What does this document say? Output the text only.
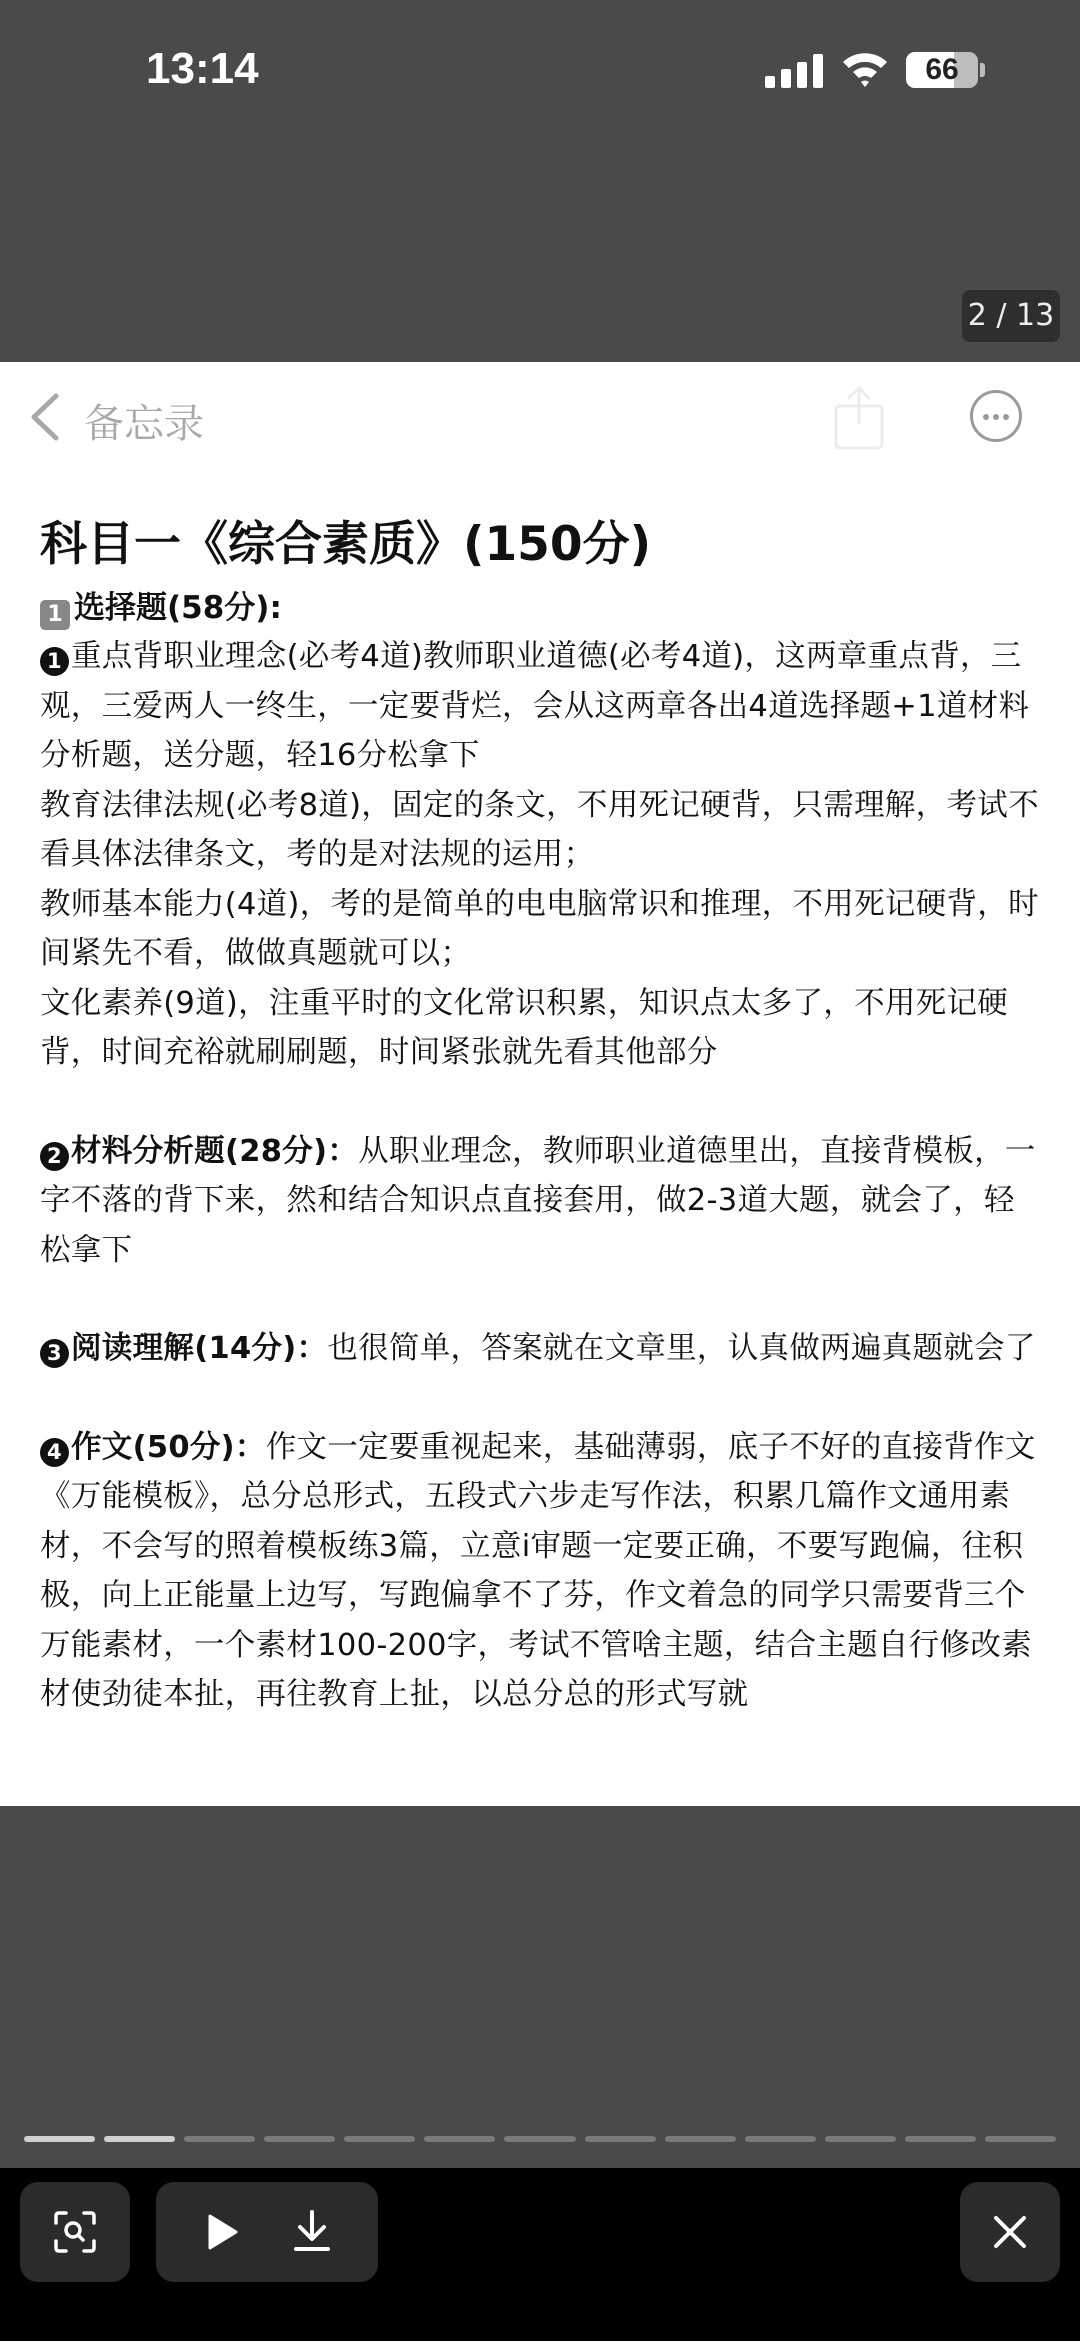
13:14	66
2 / 13
备忘录
科目一《综合素质》(150分)
1 选择题(58分):

1 重点背职业理念(必考4道)教师职业道德(必考4道)，这两章重点背，三观，三爱两人一终生，一定要背烂，会从这两章各出4道选择题+1道材料分析题，送分题，轻16分松拿下

教育法律法规(必考8道)，固定的条文，不用死记硬背，只需理解，考试不看具体法律条文，考的是对法规的运用；

教师基本能力(4道)，考的是简单的电电脑常识和推理，不用死记硬背，时间紧先不看，做做真题就可以；

文化素养(9道)，注重平时的文化常识积累，知识点太多了，不用死记硬背，时间充裕就刷刷题，时间紧张就先看其他部分

2 材料分析题(28分)：从职业理念，教师职业道德里出，直接背模板，一字不落的背下来，然和结合知识点直接套用，做2-3道大题，就会了，轻松拿下

3 阅读理解(14分)：也很简单，答案就在文章里，认真做两遍真题就会了

4 作文(50分)：作文一定要重视起来，基础薄弱，底子不好的直接背作文《万能模板》，总分总形式，五段式六步走写作法，积累几篇作文通用素材，不会写的照着模板练3篇，立意i审题一定要正确，不要写跑偏，往积极，向上正能量上边写，写跑偏拿不了芬，作文着急的同学只需要背三个万能素材，一个素材100-200字，考试不管啥主题，结合主题自行修改素材使劲徒本扯，再往教育上扯，以总分总的形式写就
